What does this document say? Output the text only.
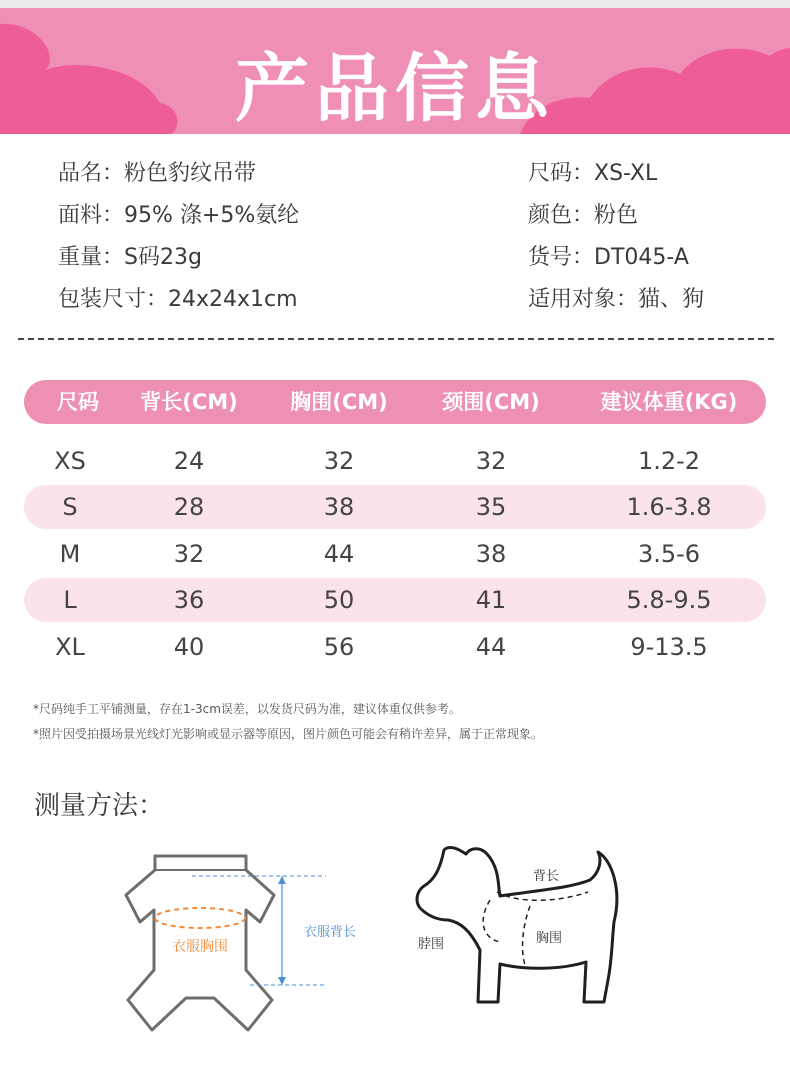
产品信息
品名：粉色豹纹吊带
面料：95% 涤+5%氨纶
重量：S码23g
包装尺寸：24x24x1cm
尺码：XS-XL
颜色：粉色
货号：DT045-A
适用对象：猫、狗
尺码	背长(CM)	胸围(CM)	颈围(CM)	建议体重(KG)
XS	24	32	32	1.2-2
S	28	38	35	1.6-3.8
M	32	44	38	3.5-6
L	36	50	41	5.8-9.5
XL	40	56	44	9-13.5
*尺码纯手工平铺测量，存在1-3cm误差，以发货尺码为准，建议体重仅供参考。
*照片因受拍摄场景光线灯光影响或显示器等原因，图片颜色可能会有稍许差异，属于正常现象。
测量方法：
衣服胸围
衣服背长
背长
脖围	胸围
